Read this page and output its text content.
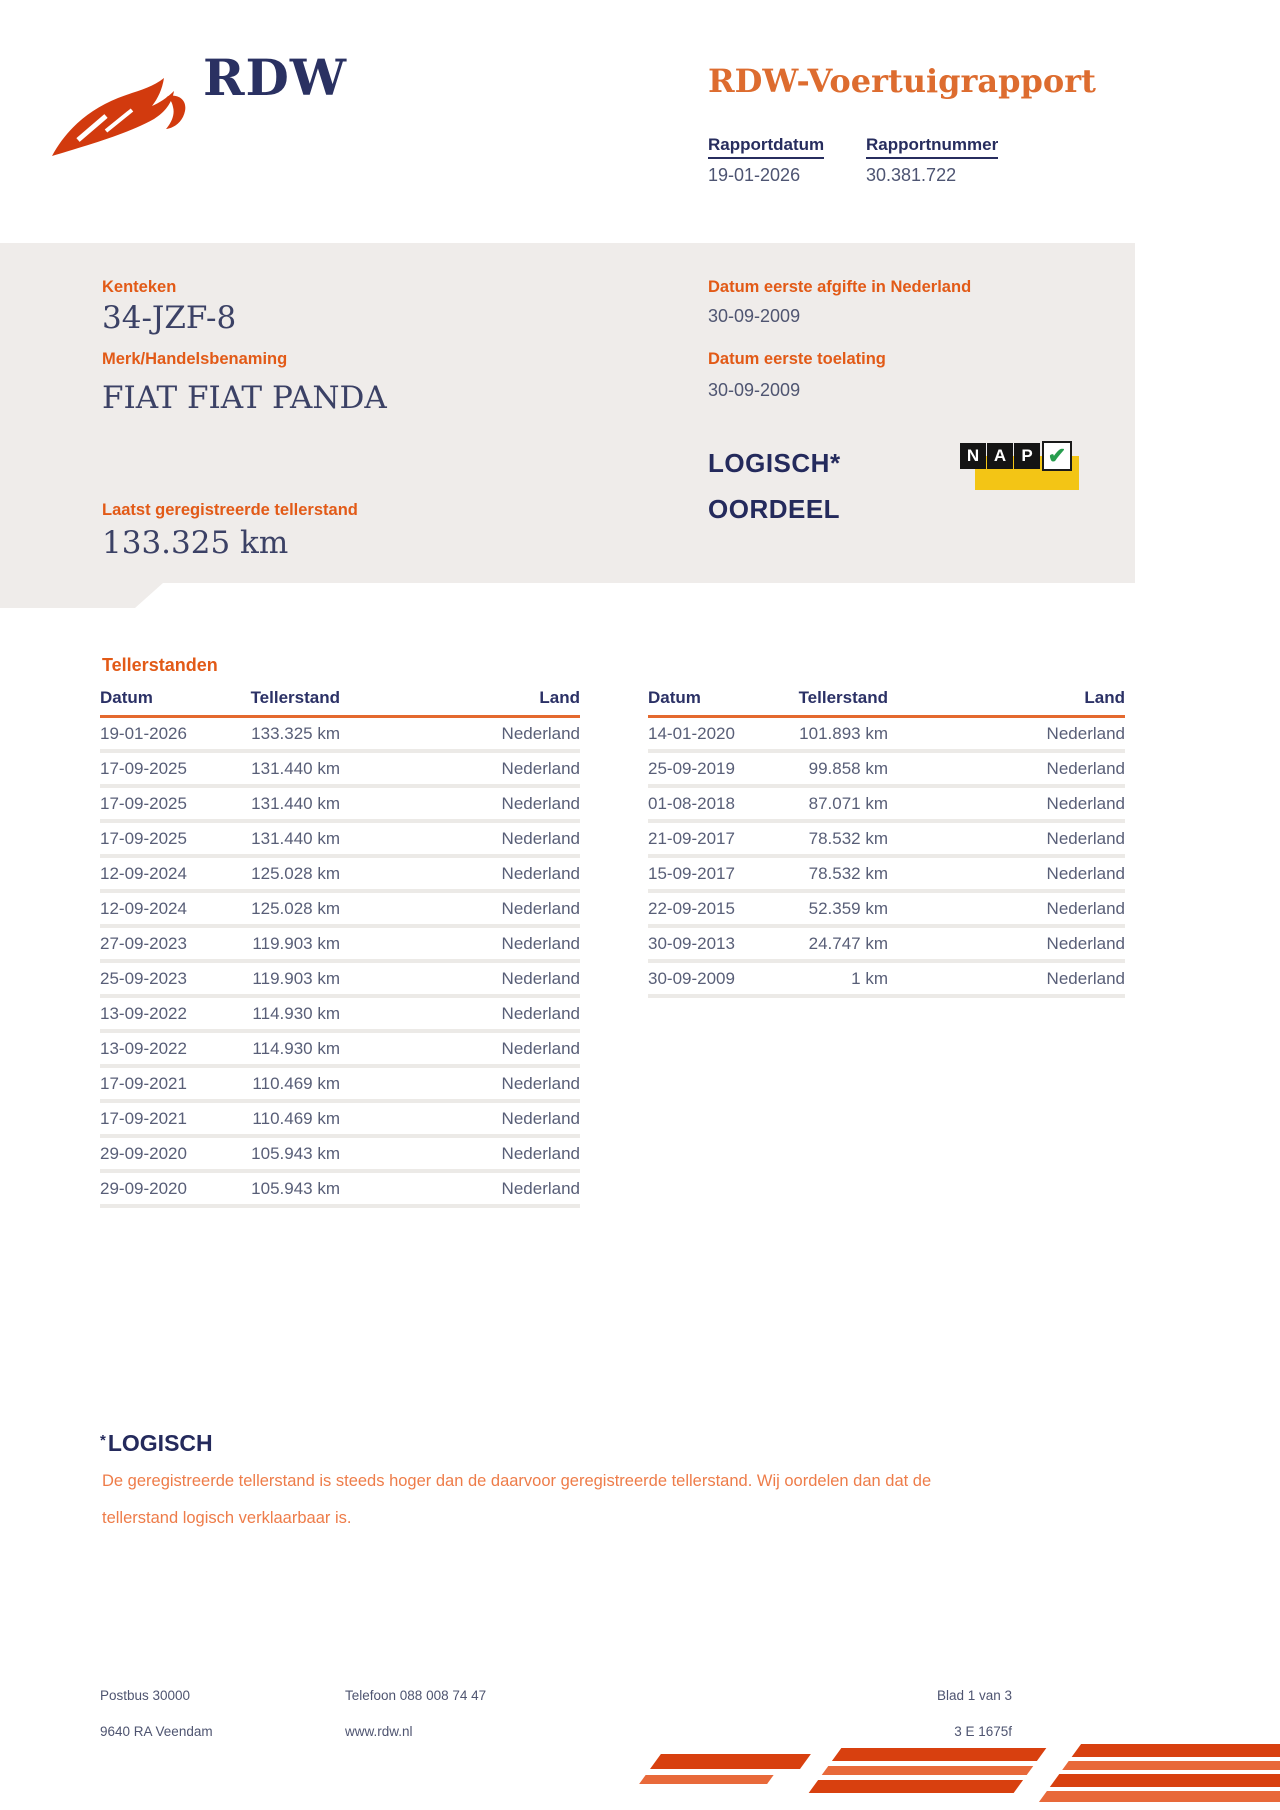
RDW	RDW-Voertuigrapport
Rapportdatum
19-01-2026
Rapportnummer
30.381.722
Kenteken
34-JZF-8
Merk/Handelsbenaming
FIAT FIAT PANDA
Laatst geregistreerde tellerstand
133.325 km
Datum eerste afgifte in Nederland
30-09-2009
Datum eerste toelating
30-09-2009
LOGISCH*
OORDEEL
N A P ✔
Tellerstanden
Datum	Tellerstand	Land
19-01-2026	133.325 km	Nederland
17-09-2025	131.440 km	Nederland
17-09-2025	131.440 km	Nederland
17-09-2025	131.440 km	Nederland
12-09-2024	125.028 km	Nederland
12-09-2024	125.028 km	Nederland
27-09-2023	119.903 km	Nederland
25-09-2023	119.903 km	Nederland
13-09-2022	114.930 km	Nederland
13-09-2022	114.930 km	Nederland
17-09-2021	110.469 km	Nederland
17-09-2021	110.469 km	Nederland
29-09-2020	105.943 km	Nederland
29-09-2020	105.943 km	Nederland
Datum	Tellerstand	Land
14-01-2020	101.893 km	Nederland
25-09-2019	99.858 km	Nederland
01-08-2018	87.071 km	Nederland
21-09-2017	78.532 km	Nederland
15-09-2017	78.532 km	Nederland
22-09-2015	52.359 km	Nederland
30-09-2013	24.747 km	Nederland
30-09-2009	1 km	Nederland
*LOGISCH
De geregistreerde tellerstand is steeds hoger dan de daarvoor geregistreerde tellerstand. Wij oordelen dan dat de
tellerstand logisch verklaarbaar is.
Postbus 30000
9640 RA Veendam
Telefoon 088 008 74 47
www.rdw.nl
Blad 1 van 3
3 E 1675f
